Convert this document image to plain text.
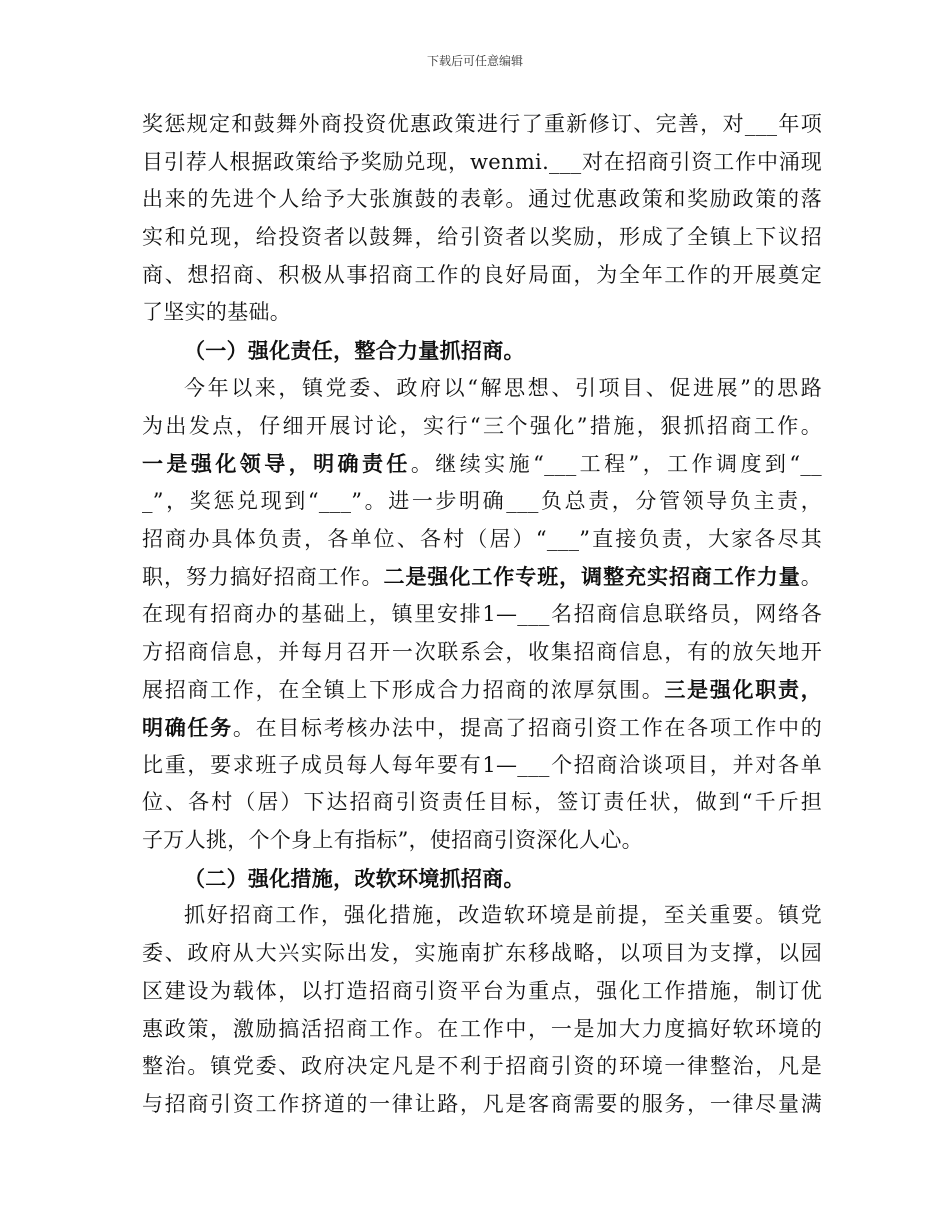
下载后可任意编辑
奖惩规定和鼓舞外商投资优惠政策进行了重新修订、完善，对___年项
目引荐人根据政策给予奖励兑现，wenmi.___对在招商引资工作中涌现
出来的先进个人给予大张旗鼓的表彰。通过优惠政策和奖励政策的落
实和兑现，给投资者以鼓舞，给引资者以奖励，形成了全镇上下议招
商、想招商、积极从事招商工作的良好局面，为全年工作的开展奠定
了坚实的基础。
（一）强化责任，整合力量抓招商。
今年以来，镇党委、政府以“解思想、引项目、促进展”的思路
为出发点，仔细开展讨论，实行“三个强化”措施，狠抓招商工作。
一是强化领导，明确责任。继续实施“___工程”，工作调度到“__
_”，奖惩兑现到“___”。进一步明确___负总责，分管领导负主责，
招商办具体负责，各单位、各村（居）“___”直接负责，大家各尽其
职，努力搞好招商工作。二是强化工作专班，调整充实招商工作力量。
在现有招商办的基础上，镇里安排1—___名招商信息联络员，网络各
方招商信息，并每月召开一次联系会，收集招商信息，有的放矢地开
展招商工作，在全镇上下形成合力招商的浓厚氛围。三是强化职责，
明确任务。在目标考核办法中，提高了招商引资工作在各项工作中的
比重，要求班子成员每人每年要有1—___个招商洽谈项目，并对各单
位、各村（居）下达招商引资责任目标，签订责任状，做到“千斤担
子万人挑，个个身上有指标”，使招商引资深化人心。
（二）强化措施，改软环境抓招商。
抓好招商工作，强化措施，改造软环境是前提，至关重要。镇党
委、政府从大兴实际出发，实施南扩东移战略，以项目为支撑，以园
区建设为载体，以打造招商引资平台为重点，强化工作措施，制订优
惠政策，激励搞活招商工作。在工作中，一是加大力度搞好软环境的
整治。镇党委、政府决定凡是不利于招商引资的环境一律整治，凡是
与招商引资工作挤道的一律让路，凡是客商需要的服务，一律尽量满
